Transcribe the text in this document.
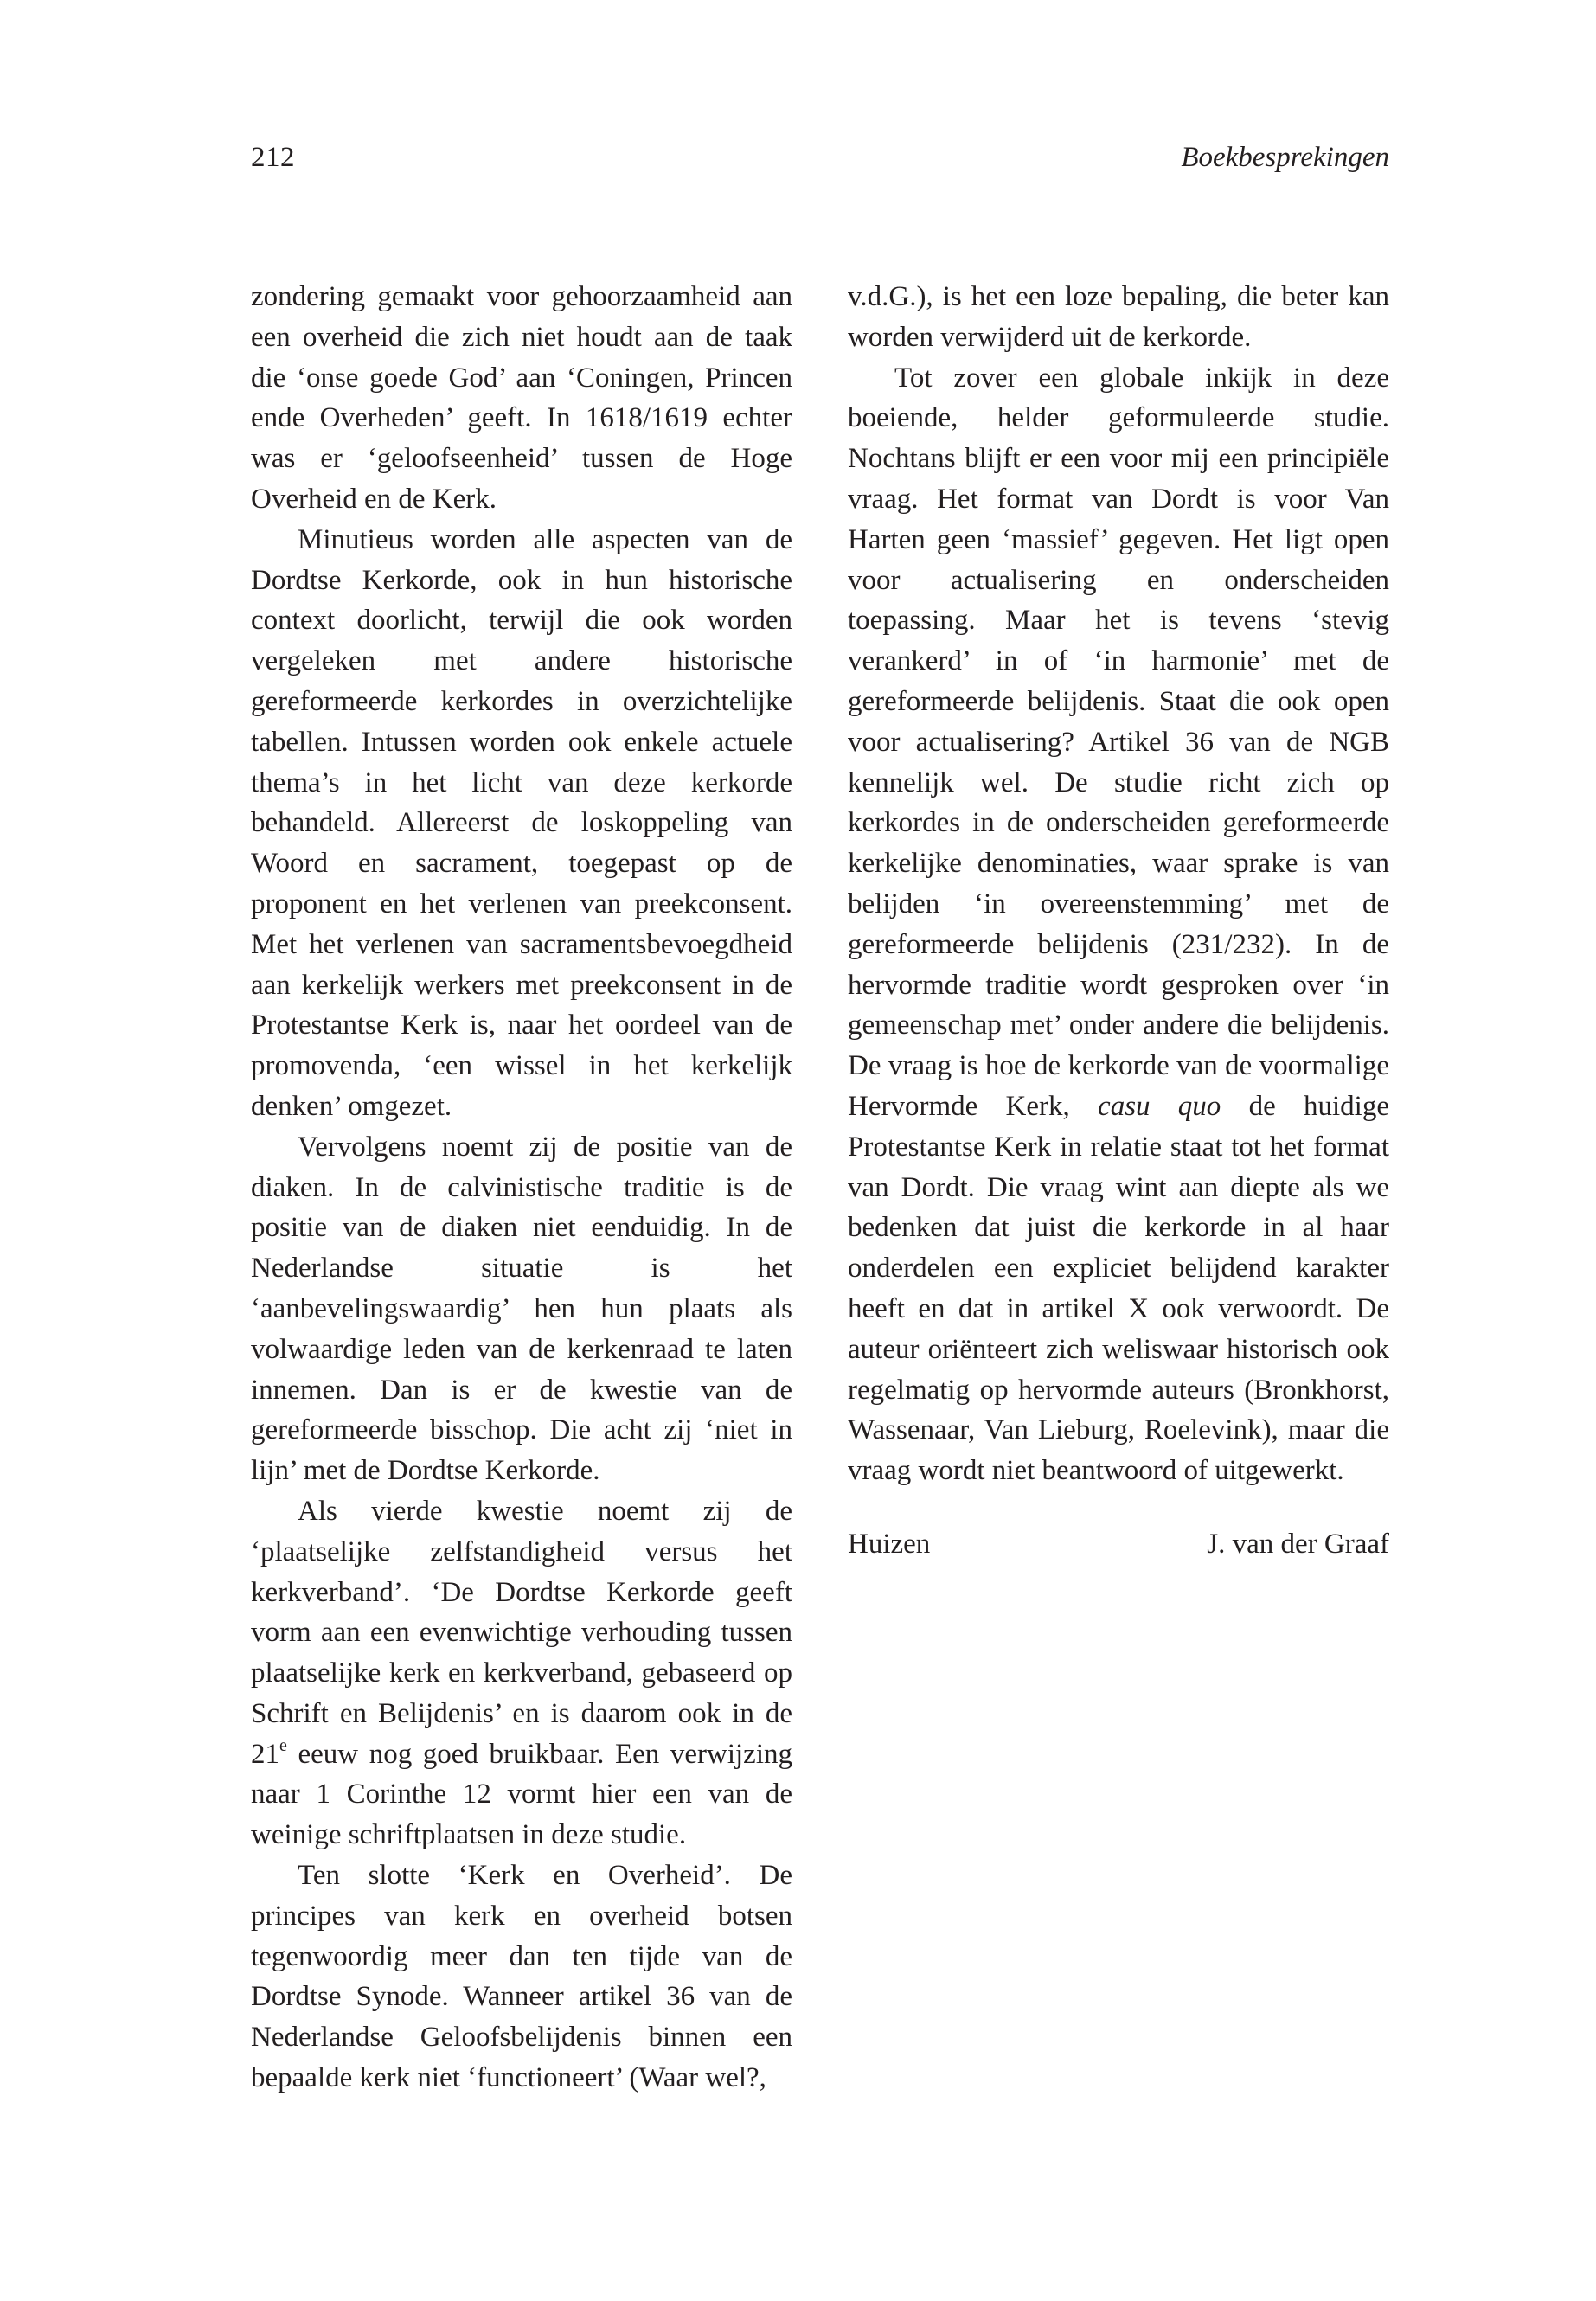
212	Boekbesprekingen

zondering gemaakt voor gehoorzaamheid aan een overheid die zich niet houdt aan de taak die ‘onse goede God’ aan ‘Coningen, Princen ende Overheden’ geeft. In 1618/1619 echter was er ‘geloofseenheid’ tussen de Hoge Overheid en de Kerk.

Minutieus worden alle aspecten van de Dordtse Kerkorde, ook in hun historische context doorlicht, terwijl die ook worden vergeleken met andere historische gereformeerde kerkordes in overzichtelijke tabellen. Intussen worden ook enkele actuele thema’s in het licht van deze kerkorde behandeld. Allereerst de loskoppeling van Woord en sacrament, toegepast op de proponent en het verlenen van preekconsent. Met het verlenen van sacramentsbevoegdheid aan kerkelijk werkers met preekconsent in de Protestantse Kerk is, naar het oordeel van de promovenda, ‘een wissel in het kerkelijk denken’ omgezet.

Vervolgens noemt zij de positie van de diaken. In de calvinistische traditie is de positie van de diaken niet eenduidig. In de Nederlandse situatie is het ‘aanbevelingswaardig’ hen hun plaats als volwaardige leden van de kerkenraad te laten innemen. Dan is er de kwestie van de gereformeerde bisschop. Die acht zij ‘niet in lijn’ met de Dordtse Kerkorde.

Als vierde kwestie noemt zij de ‘plaatselijke zelfstandigheid versus het kerkverband’. ‘De Dordtse Kerkorde geeft vorm aan een evenwichtige verhouding tussen plaatselijke kerk en kerkverband, gebaseerd op Schrift en Belijdenis’ en is daarom ook in de 21e eeuw nog goed bruikbaar. Een verwijzing naar 1 Corinthe 12 vormt hier een van de weinige schriftplaatsen in deze studie.

Ten slotte ‘Kerk en Overheid’. De principes van kerk en overheid botsen tegenwoordig meer dan ten tijde van de Dordtse Synode. Wanneer artikel 36 van de Nederlandse Geloofsbelijdenis binnen een bepaalde kerk niet ‘functioneert’ (Waar wel?,

v.d.G.), is het een loze bepaling, die beter kan worden verwijderd uit de kerkorde.

Tot zover een globale inkijk in deze boeiende, helder geformuleerde studie. Nochtans blijft er een voor mij een principiële vraag. Het format van Dordt is voor Van Harten geen ‘massief’ gegeven. Het ligt open voor actualisering en onderscheiden toepassing. Maar het is tevens ‘stevig verankerd’ in of ‘in harmonie’ met de gereformeerde belijdenis. Staat die ook open voor actualisering? Artikel 36 van de NGB kennelijk wel. De studie richt zich op kerkordes in de onderscheiden gereformeerde kerkelijke denominaties, waar sprake is van belijden ‘in overeenstemming’ met de gereformeerde belijdenis (231/232). In de hervormde traditie wordt gesproken over ‘in gemeenschap met’ onder andere die belijdenis. De vraag is hoe de kerkorde van de voormalige Hervormde Kerk, casu quo de huidige Protestantse Kerk in relatie staat tot het format van Dordt. Die vraag wint aan diepte als we bedenken dat juist die kerkorde in al haar onderdelen een expliciet belijdend karakter heeft en dat in artikel X ook verwoordt. De auteur oriënteert zich weliswaar historisch ook regelmatig op hervormde auteurs (Bronkhorst, Wassenaar, Van Lieburg, Roelevink), maar die vraag wordt niet beantwoord of uitgewerkt.

Huizen	J. van der Graaf
